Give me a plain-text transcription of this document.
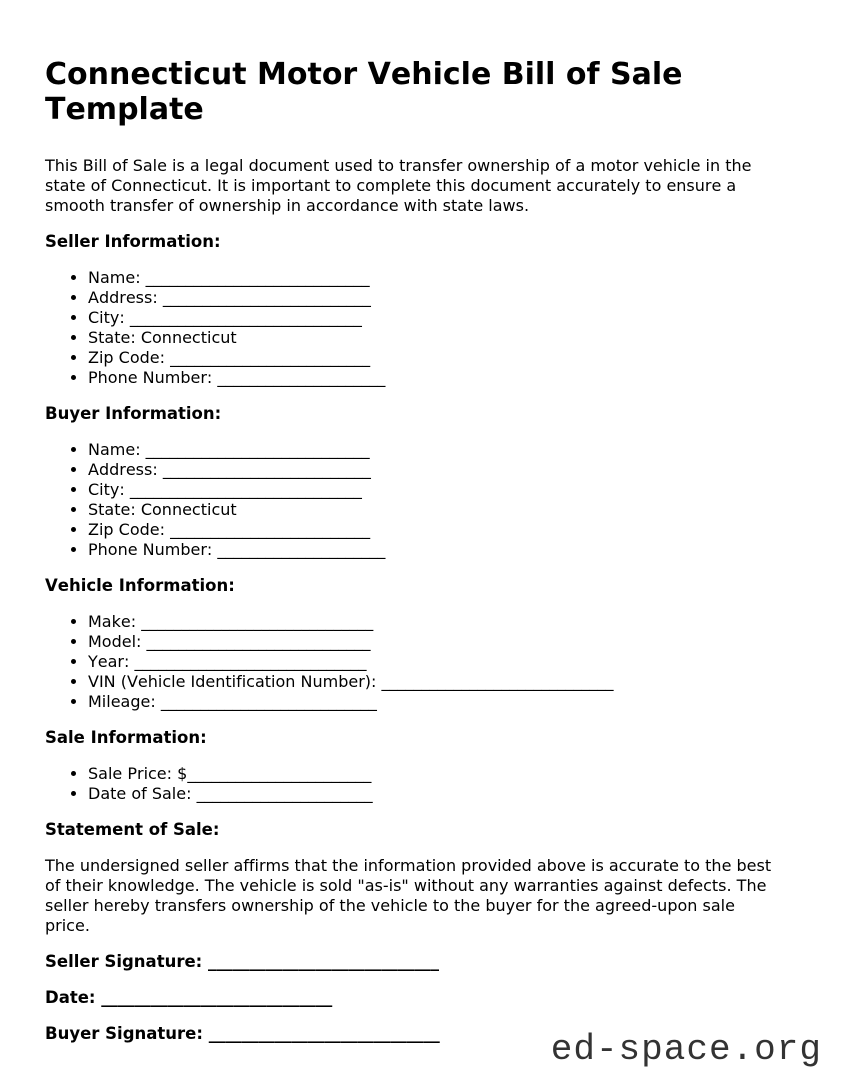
Connecticut Motor Vehicle Bill of Sale Template

This Bill of Sale is a legal document used to transfer ownership of a motor vehicle in the state of Connecticut. It is important to complete this document accurately to ensure a smooth transfer of ownership in accordance with state laws.

Seller Information:

• Name: ____________________________
• Address: __________________________
• City: _____________________________
• State: Connecticut
• Zip Code: _________________________
• Phone Number: _____________________

Buyer Information:

• Name: ____________________________
• Address: __________________________
• City: _____________________________
• State: Connecticut
• Zip Code: _________________________
• Phone Number: _____________________

Vehicle Information:

• Make: _____________________________
• Model: ____________________________
• Year: _____________________________
• VIN (Vehicle Identification Number): _____________________________
• Mileage: ___________________________

Sale Information:

• Sale Price: $_______________________
• Date of Sale: ______________________

Statement of Sale:

The undersigned seller affirms that the information provided above is accurate to the best of their knowledge. The vehicle is sold "as-is" without any warranties against defects. The seller hereby transfers ownership of the vehicle to the buyer for the agreed-upon sale price.

Seller Signature: ____________________________

Date: ____________________________

Buyer Signature: ____________________________	ed-space.org
